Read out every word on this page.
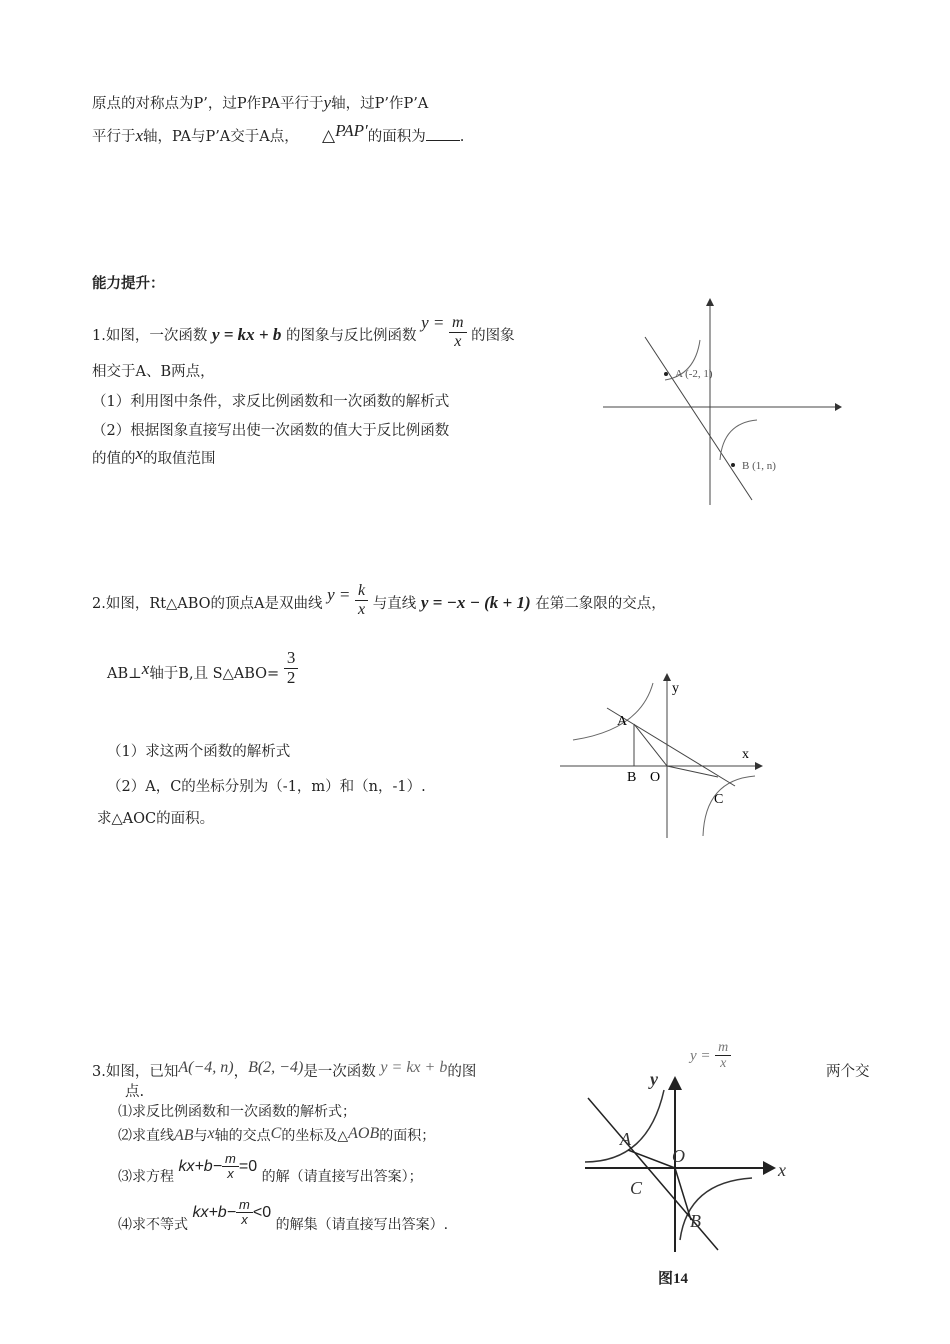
原点的对称点为P’，过P作PA平行于y轴，过P’作P’A
平行于x轴，PA与P’A交于A点， △PAP′的面积为 .
能力提升：
1.如图，一次函数 y = kx + b 的图象与反比例函数 $y = \frac{m}{x}$ 的图象
相交于A、B两点，
（1）利用图中条件，求反比例函数和一次函数的解析式
（2）根据图象直接写出使一次函数的值大于反比例函数
的值的x的取值范围
A (-2, 1)
B (1, n)
2.如图，Rt△ABO的顶点A是双曲线 $y = \frac{k}{x}$ 与直线 y = −x − (k + 1) 在第二象限的交点，
AB⊥x轴于B,且 S△ABO= $\frac{3}{2}$
（1）求这两个函数的解析式
（2）A，C的坐标分别为（-1，m）和（n，-1）.
求△AOC的面积。
y
x
A
B O
C
3.如图，已知A(−4, n)，B(2, −4)是一次函数 y = kx + b的图
$y = \frac{m}{x}$
两个交
点.
⑴求反比例函数和一次函数的解析式；
⑵求直线AB与x轴的交点C的坐标及△AOB的面积；
⑶求方程 $kx+b- \frac{m}{x} =0$ 的解（请直接写出答案）；
⑷求不等式 $kx+b- \frac{m}{x} <0$ 的解集（请直接写出答案）.
y
x
A
O
C
B
图14
